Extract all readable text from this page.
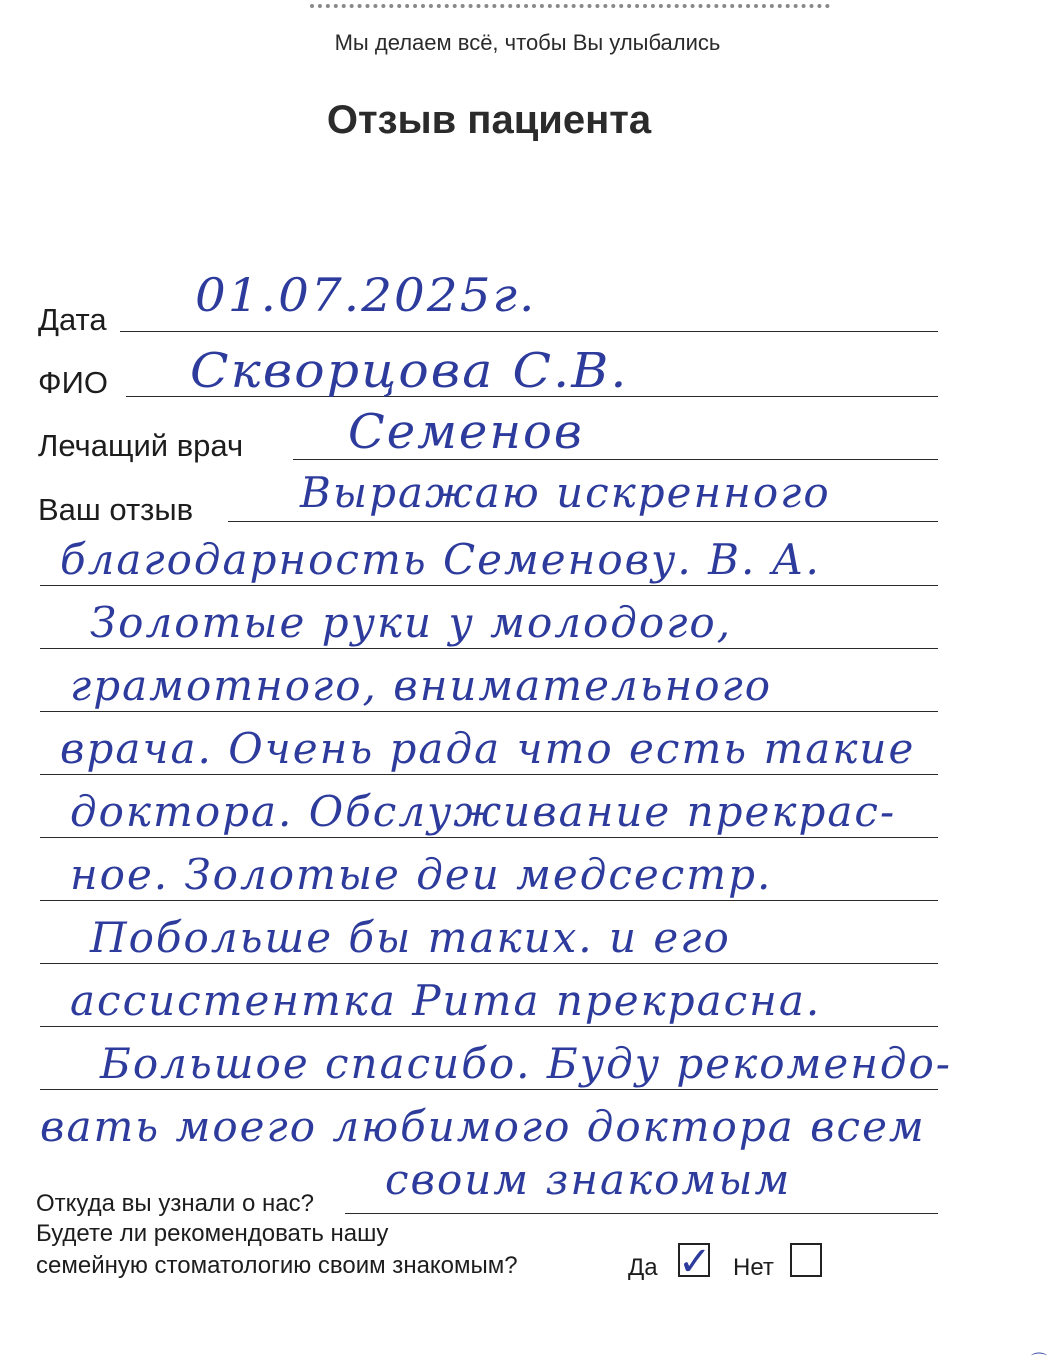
Мы делаем всё, чтобы Вы улыбались
Отзыв пациента
Дата 01.07.2025г.
ФИО Скворцова С.В.
Лечащий врач Семенов
Ваш отзыв	Выражаю искренного
благодарность Семенову. В. А.
Золотые руки у молодого,
грамотного, внимательного
врача. Очень рада что есть такие
доктора. Обслуживание прекрас-
ное. Золотые деи медсестр.
Побольше бы таких. и его
ассистентка Рита прекрасна.
Большое спасибо. Буду рекомендо-
вать моего любимого доктора всем
Откуда вы узнали о нас? своим знакомым
Будете ли рекомендовать нашу
семейную стоматологию своим знакомым?	Да ✓ Нет
⌒
